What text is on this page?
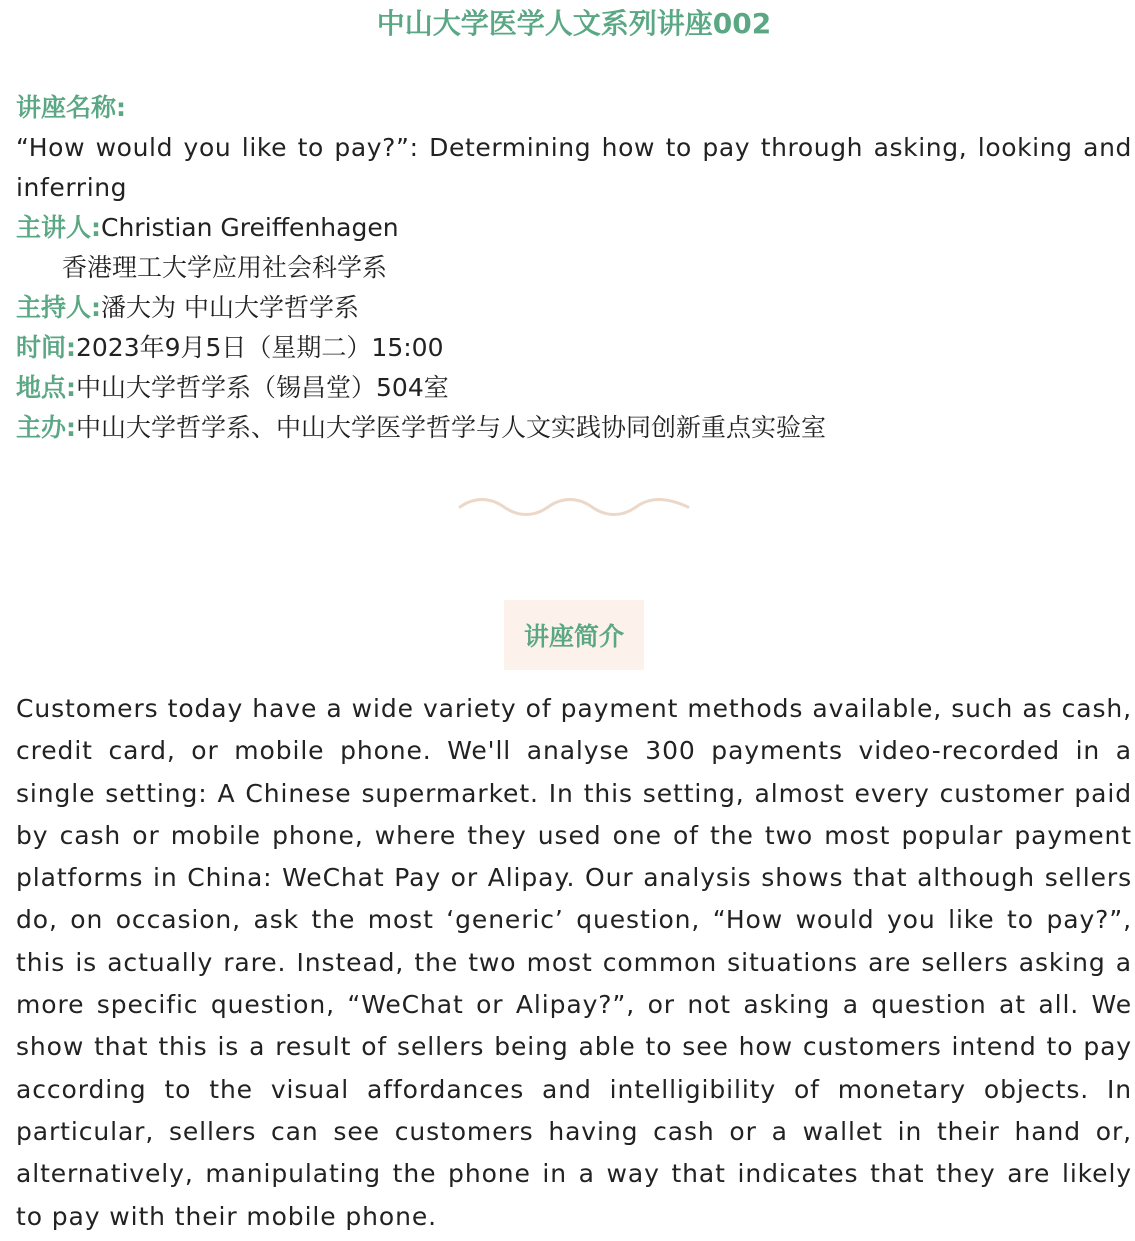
中山大学医学人文系列讲座002
讲座名称:
“How would you like to pay?”: Determining how to pay through asking, looking and inferring
主讲人:Christian Greiffenhagen
香港理工大学应用社会科学系
主持人:潘大为 中山大学哲学系
时间:2023年9月5日（星期二）15:00
地点:中山大学哲学系（锡昌堂）504室
主办:中山大学哲学系、中山大学医学哲学与人文实践协同创新重点实验室
讲座简介
Customers today have a wide variety of payment methods available, such as cash, credit card, or mobile phone. We'll analyse 300 payments video-recorded in a single setting: A Chinese supermarket. In this setting, almost every customer paid by cash or mobile phone, where they used one of the two most popular payment platforms in China: WeChat Pay or Alipay. Our analysis shows that although sellers do, on occasion, ask the most ‘generic’ question, “How would you like to pay?”, this is actually rare. Instead, the two most common situations are sellers asking a more specific question, “WeChat or Alipay?”, or not asking a question at all. We show that this is a result of sellers being able to see how customers intend to pay according to the visual affordances and intelligibility of monetary objects. In particular, sellers can see customers having cash or a wallet in their hand or, alternatively, manipulating the phone in a way that indicates that they are likely to pay with their mobile phone.
